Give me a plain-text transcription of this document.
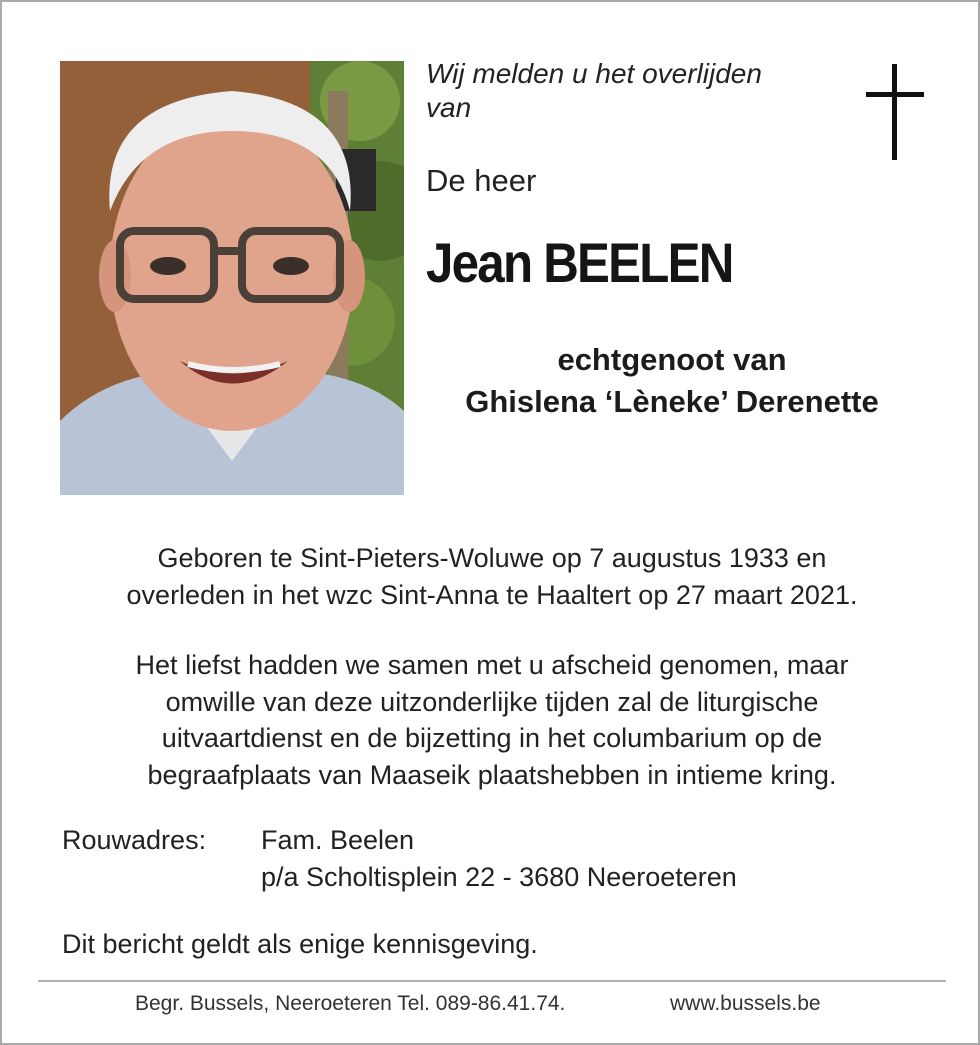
Wij melden u het overlijden
van
De heer
Jean BEELEN
echtgenoot van
Ghislena ‘Lèneke’ Derenette
Geboren te Sint-Pieters-Woluwe op 7 augustus 1933 en
overleden in het wzc Sint-Anna te Haaltert op 27 maart 2021.
Het liefst hadden we samen met u afscheid genomen, maar
omwille van deze uitzonderlijke tijden zal de liturgische
uitvaartdienst en de bijzetting in het columbarium op de
begraafplaats van Maaseik plaatshebben in intieme kring.
Rouwadres: Fam. Beelen
p/a Scholtisplein 22 - 3680 Neeroeteren
Dit bericht geldt als enige kennisgeving.
Begr. Bussels, Neeroeteren Tel. 089-86.41.74.	www.bussels.be
